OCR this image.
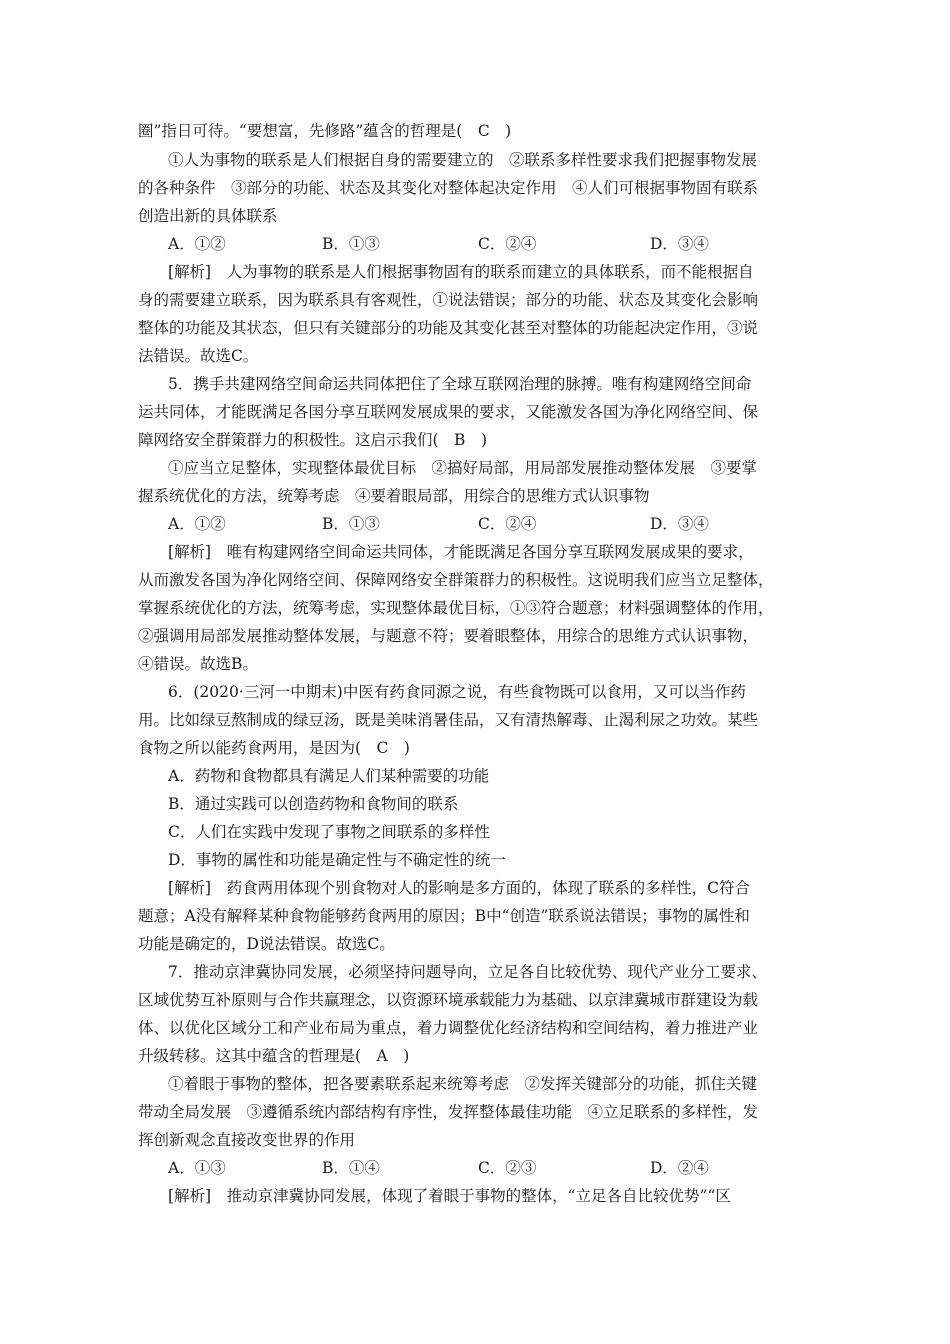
圈”指日可待。“要想富，先修路”蕴含的哲理是(　C　)
①人为事物的联系是人们根据自身的需要建立的　②联系多样性要求我们把握事物发展
的各种条件　③部分的功能、状态及其变化对整体起决定作用　④人们可根据事物固有联系
创造出新的具体联系
A．①②	B．①③	C．②④	D．③④
[解析]　人为事物的联系是人们根据事物固有的联系而建立的具体联系，而不能根据自
身的需要建立联系，因为联系具有客观性，①说法错误；部分的功能、状态及其变化会影响
整体的功能及其状态，但只有关键部分的功能及其变化甚至对整体的功能起决定作用，③说
法错误。故选C。
5．携手共建网络空间命运共同体把住了全球互联网治理的脉搏。唯有构建网络空间命
运共同体，才能既满足各国分享互联网发展成果的要求，又能激发各国为净化网络空间、保
障网络安全群策群力的积极性。这启示我们(　B　)
①应当立足整体，实现整体最优目标　②搞好局部，用局部发展推动整体发展　③要掌
握系统优化的方法，统筹考虑　④要着眼局部，用综合的思维方式认识事物
A．①②	B．①③	C．②④	D．③④
[解析]　唯有构建网络空间命运共同体，才能既满足各国分享互联网发展成果的要求，
从而激发各国为净化网络空间、保障网络安全群策群力的积极性。这说明我们应当立足整体，
掌握系统优化的方法，统筹考虑，实现整体最优目标，①③符合题意；材料强调整体的作用，
②强调用局部发展推动整体发展，与题意不符；要着眼整体，用综合的思维方式认识事物，
④错误。故选B。
6．(2020·三河一中期末)中医有药食同源之说，有些食物既可以食用，又可以当作药
用。比如绿豆熬制成的绿豆汤，既是美味消暑佳品，又有清热解毒、止渴利尿之功效。某些
食物之所以能药食两用，是因为(　C　)
A．药物和食物都具有满足人们某种需要的功能
B．通过实践可以创造药物和食物间的联系
C．人们在实践中发现了事物之间联系的多样性
D．事物的属性和功能是确定性与不确定性的统一
[解析]　药食两用体现个别食物对人的影响是多方面的，体现了联系的多样性，C符合
题意；A没有解释某种食物能够药食两用的原因；B中“创造”联系说法错误；事物的属性和
功能是确定的，D说法错误。故选C。
7．推动京津冀协同发展，必须坚持问题导向，立足各自比较优势、现代产业分工要求、
区域优势互补原则与合作共赢理念，以资源环境承载能力为基础、以京津冀城市群建设为载
体、以优化区域分工和产业布局为重点，着力调整优化经济结构和空间结构，着力推进产业
升级转移。这其中蕴含的哲理是(　A　)
①着眼于事物的整体，把各要素联系起来统筹考虑　②发挥关键部分的功能，抓住关键
带动全局发展　③遵循系统内部结构有序性，发挥整体最佳功能　④立足联系的多样性，发
挥创新观念直接改变世界的作用
A．①③	B．①④	C．②③	D．②④
[解析]　推动京津冀协同发展，体现了着眼于事物的整体，“立足各自比较优势”“区
